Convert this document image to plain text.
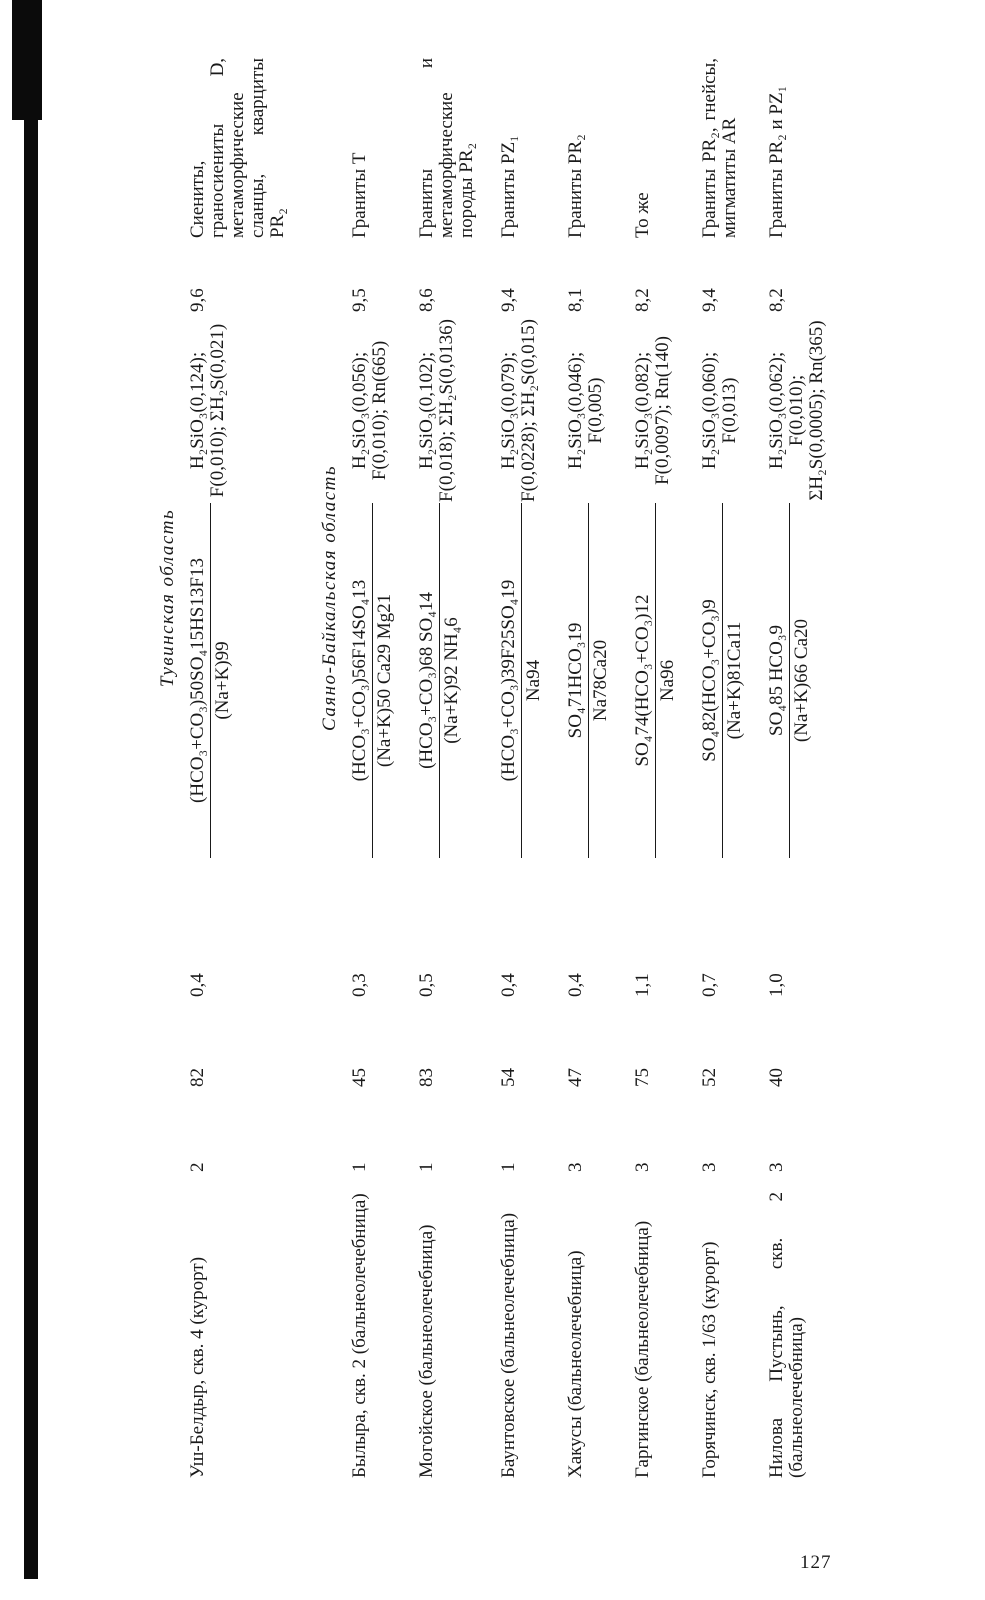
Тувинская область							
Уш-Белдыр, скв. 4 (курорт)	2	82	0,4	(HCO₃+CO₃)50SO₄15HS13F13 (Na+K)99	H₂SiO₃(0,124); F(0,010); ΣH₂S(0,021)	9,6	Сиениты, граносиениты D, метаморфические сланцы, кварциты PR₂
Саяно-Байкальская область							
Былыра, скв. 2 (бальнеолечебница)	1	45	0,3	(HCO₃+CO₃)56F14SO₄13 (Na+K)50 Ca29 Mg21	H₂SiO₃(0,056); F(0,010); Rn(665)	9,5	Граниты T
Могойское (бальнеолечебница)	1	83	0,5	(HCO₃+CO₃)68 SO₄14 (Na+K)92 NH₄6	H₂SiO₃(0,102); F(0,018); ΣH₂S(0,0136)	8,6	Граниты и метаморфические породы PR₂
Баунтовское (бальнеолечебница)	1	54	0,4	(HCO₃+CO₃)39F25SO₄19 Na94	H₂SiO₃(0,079); F(0,0228); ΣH₂S(0,015)	9,4	Граниты PZ₁
Хакусы (бальнеолечебница)	3	47	0,4	SO₄71HCO₃19 Na78Ca20	H₂SiO₃(0,046); F(0,005)	8,1	Граниты PR₂
Гаргинское (бальнеолечебница)	3	75	1,1	SO₄74(HCO₃+CO₃)12 Na96	H₂SiO₃(0,082); F(0,0097); Rn(140)	8,2	То же
Горячинск, скв. 1/63 (курорт)	3	52	0,7	SO₄82(HCO₃+CO₃)9 (Na+K)81Ca11	H₂SiO₃(0,060); F(0,013)	9,4	Граниты PR₂, гнейсы, мигматиты AR
Нилова Пустынь, скв. 2 (бальнеолечебница)	3	40	1,0	SO₄85 HCO₃9 (Na+K)66 Ca20	H₂SiO₃(0,062); F(0,010); ΣH₂S(0,0005); Rn(365)	8,2	Граниты PR₂ и PZ₁
127
